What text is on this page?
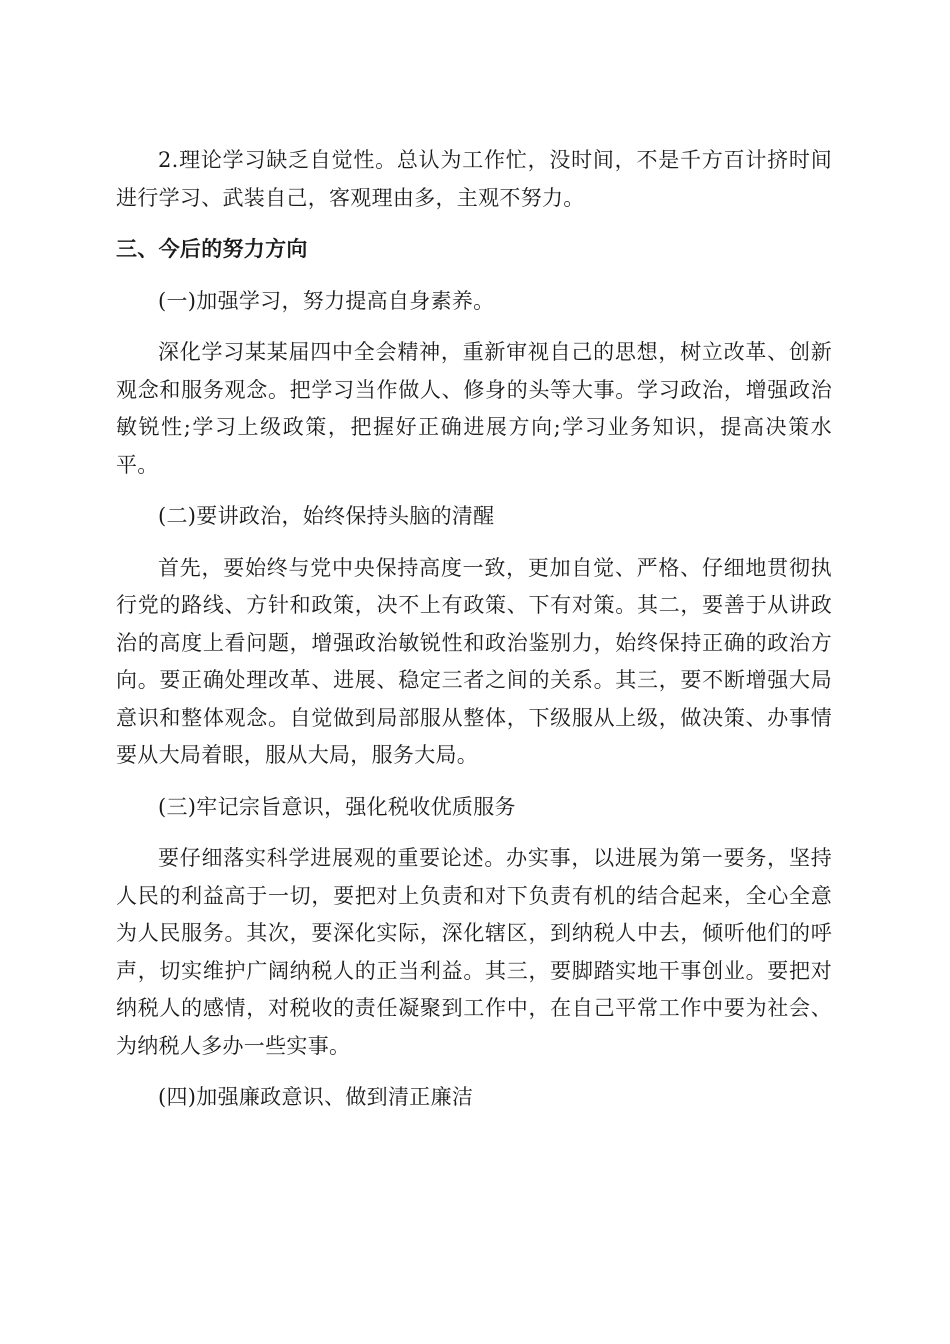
2.理论学习缺乏自觉性。总认为工作忙，没时间，不是千方百计挤时间进行学习、武装自己，客观理由多，主观不努力。

三、今后的努力方向

(一)加强学习，努力提高自身素养。

深化学习某某届四中全会精神，重新审视自己的思想，树立改革、创新观念和服务观念。把学习当作做人、修身的头等大事。学习政治，增强政治敏锐性;学习上级政策，把握好正确进展方向;学习业务知识，提高决策水平。

(二)要讲政治，始终保持头脑的清醒

首先，要始终与党中央保持高度一致，更加自觉、严格、仔细地贯彻执行党的路线、方针和政策，决不上有政策、下有对策。其二，要善于从讲政治的高度上看问题，增强政治敏锐性和政治鉴别力，始终保持正确的政治方向。要正确处理改革、进展、稳定三者之间的关系。其三，要不断增强大局意识和整体观念。自觉做到局部服从整体，下级服从上级，做决策、办事情要从大局着眼，服从大局，服务大局。

(三)牢记宗旨意识，强化税收优质服务

要仔细落实科学进展观的重要论述。办实事，以进展为第一要务，坚持人民的利益高于一切，要把对上负责和对下负责有机的结合起来，全心全意为人民服务。其次，要深化实际，深化辖区，到纳税人中去，倾听他们的呼声，切实维护广阔纳税人的正当利益。其三，要脚踏实地干事创业。要把对纳税人的感情，对税收的责任凝聚到工作中，在自己平常工作中要为社会、为纳税人多办一些实事。

(四)加强廉政意识、做到清正廉洁
